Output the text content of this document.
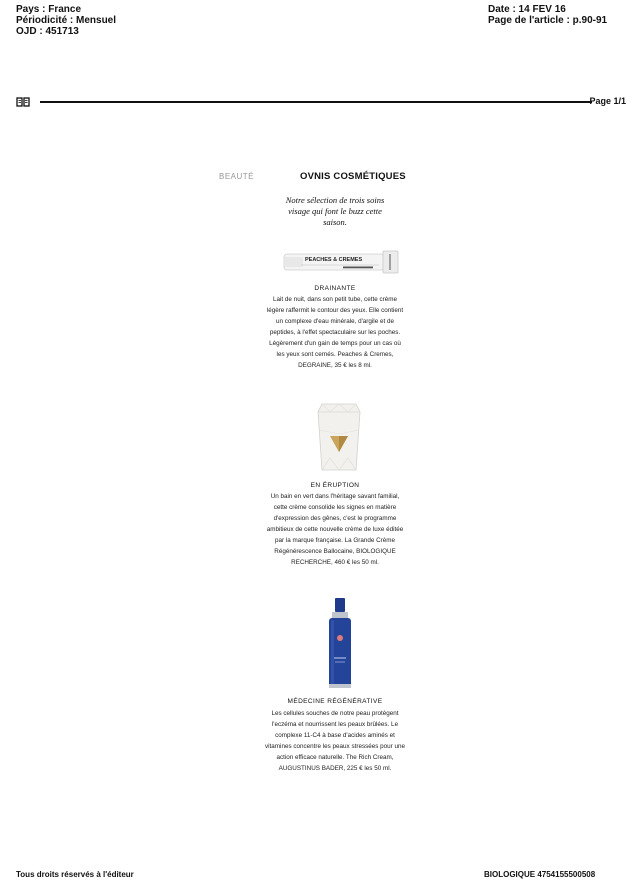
Pays : France
Périodicité : Mensuel
OJD : 451713
Date : 14 FEV 16
Page de l'article : p.90-91
Page 1/1
BEAUTÉ	OVNIS COSMÉTIQUES
Notre sélection de trois soins visage qui font le buzz cette saison.
PEACHES & CREMES
DRAINANTE
Lait de nuit, dans son petit tube, cette crème légère raffermit le contour des yeux. Elle contient un complexe d'eau minérale, d'argile et de peptides, à l'effet spectaculaire sur les poches. Légèrement d'un gain de temps pour un cas où les yeux sont cernés. Peaches & Cremes, DEGRAINE, 35 € les 8 ml.
EN ÉRUPTION
Un bain en vert dans l'héritage savant familial, cette crème consolide les signes en matière d'expression des gênes, c'est le programme ambitieux de cette nouvelle crème de luxe éditée par la marque française. La Grande Crème Régénérescence Ballocaine, BIOLOGIQUE RECHERCHE, 460 € les 50 ml.
MÉDECINE RÉGÉNÉRATIVE
Les cellules souches de notre peau protègent l'eczéma et nourrissent les peaux brûlées. Le complexe 11-C4 à base d'acides aminés et vitamines concentre les peaux stressées pour une action efficace naturelle. The Rich Cream, AUGUSTINUS BADER, 225 € les 50 ml.
Tous droits réservés à l'éditeur	BIOLOGIQUE 4754155500508
